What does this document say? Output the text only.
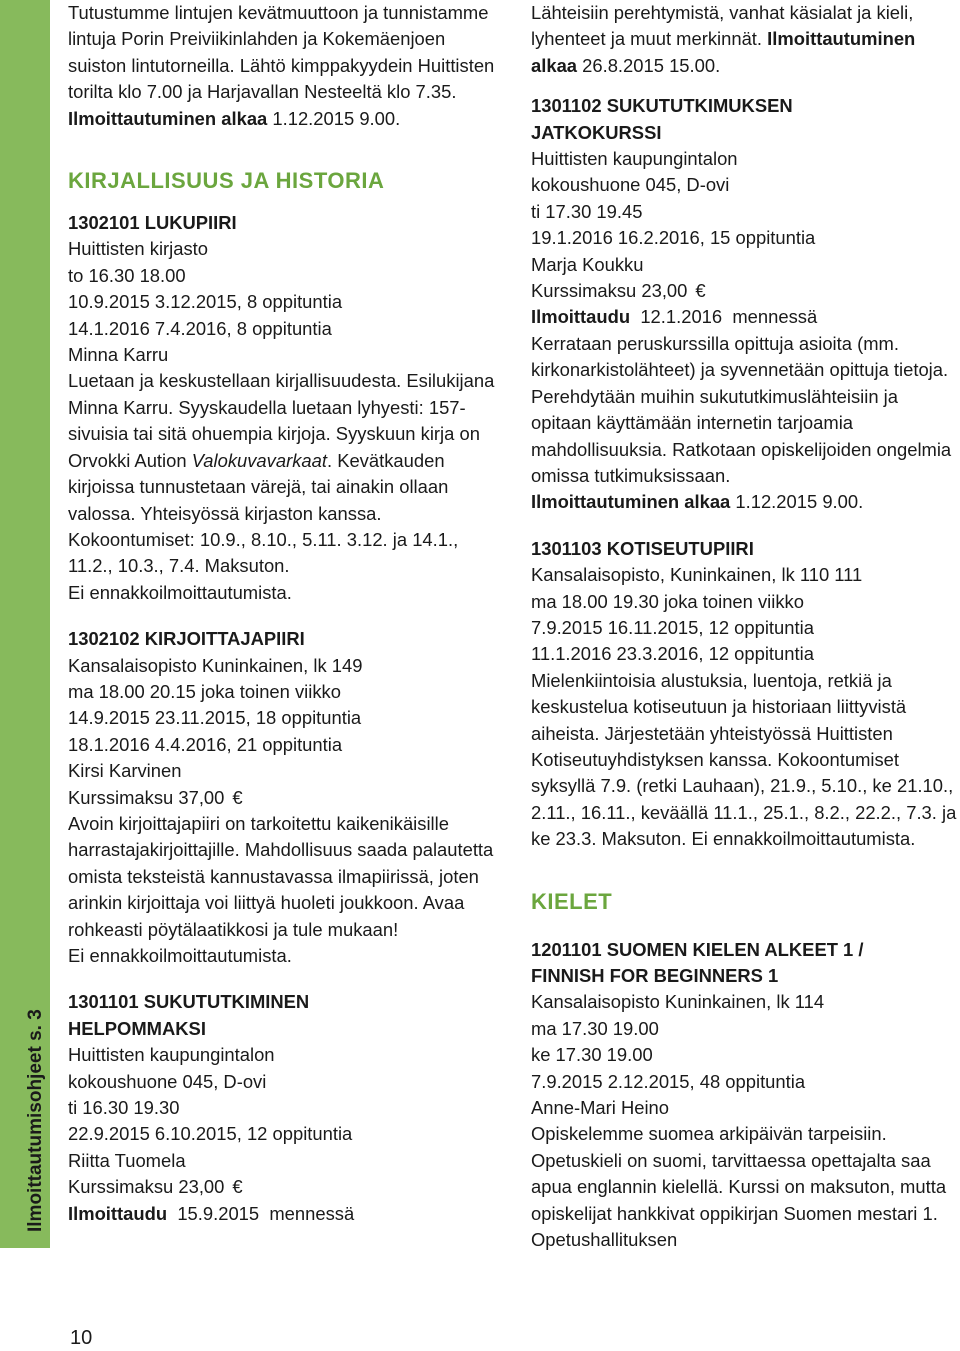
Ilmoittautumisohjeet s. 3
10

Tutustumme lintujen kevätmuuttoon ja tunnistamme lintuja Porin Preiviikinlahden ja Kokemäenjoen suiston lintutorneilla. Lähtö kimppakyydein Huittisten torilta klo 7.00 ja Harjavallan Nesteeltä klo 7.35. Ilmoittautuminen alkaa 1.12.2015 9.00.

KIRJALLISUUS JA HISTORIA

1302101 LUKUPIIRI

Huittisten kirjasto

to 16.30 18.00

10.9.2015 3.12.2015, 8 oppituntia

14.1.2016 7.4.2016, 8 oppituntia

Minna Karru

Luetaan ja keskustellaan kirjallisuudesta. Esilukijana Minna Karru. Syyskaudella luetaan lyhyesti: 157-sivuisia tai sitä ohuempia kirjoja. Syyskuun kirja on Orvokki Aution Valokuvavarkaat. Kevätkauden kirjoissa tunnustetaan värejä, tai ainakin ollaan valossa. Yhteisyössä kirjaston kanssa. Kokoontumiset: 10.9., 8.10., 5.11. 3.12. ja 14.1., 11.2., 10.3., 7.4. Maksuton.

Ei ennakkoilmoittautumista.

1302102 KIRJOITTAJAPIIRI

Kansalaisopisto Kuninkainen, lk 149

ma 18.00 20.15 joka toinen viikko

14.9.2015 23.11.2015, 18 oppituntia

18.1.2016 4.4.2016, 21 oppituntia

Kirsi Karvinen

Kurssimaksu 37,00 €

Avoin kirjoittajapiiri on tarkoitettu kaikenikäisille harrastajakirjoittajille. Mahdollisuus saada palautetta omista teksteistä kannustavassa ilmapiirissä, joten arinkin kirjoittaja voi liittyä huoleti joukkoon. Avaa rohkeasti pöytälaatikkosi ja tule mukaan!

Ei ennakkoilmoittautumista.

1301101 SUKUTUTKIMINEN

HELPOMMAKSI

Huittisten kaupungintalon

kokoushuone 045, D-ovi

ti 16.30 19.30

22.9.2015 6.10.2015, 12 oppituntia

Riitta Tuomela

Kurssimaksu 23,00 €

Ilmoittaudu  15.9.2015  mennessä

Lähteisiin perehtymistä, vanhat käsialat ja kieli, lyhenteet ja muut merkinnät. Ilmoittautuminen alkaa 26.8.2015 15.00.

1301102 SUKUTUTKIMUKSEN

JATKOKURSSI

Huittisten kaupungintalon

kokoushuone 045, D-ovi

ti 17.30 19.45

19.1.2016 16.2.2016, 15 oppituntia

Marja Koukku

Kurssimaksu 23,00 €

Ilmoittaudu  12.1.2016  mennessä

Kerrataan peruskurssilla opittuja asioita (mm. kirkonarkistolähteet) ja syvennetään opittuja tietoja. Perehdytään muihin sukututkimuslähteisiin ja opitaan käyttämään internetin tarjoamia mahdollisuuksia. Ratkotaan opiskelijoiden ongelmia omissa tutkimuksissaan.

Ilmoittautuminen alkaa 1.12.2015 9.00.

1301103 KOTISEUTUPIIRI

Kansalaisopisto, Kuninkainen, lk 110 111

ma 18.00 19.30 joka toinen viikko

7.9.2015 16.11.2015, 12 oppituntia

11.1.2016 23.3.2016, 12 oppituntia

Mielenkiintoisia alustuksia, luentoja, retkiä ja keskustelua kotiseutuun ja historiaan liittyvistä aiheista. Järjestetään yhteistyössä Huittisten Kotiseutuyhdistyksen kanssa. Kokoontumiset syksyllä 7.9. (retki Lauhaan), 21.9., 5.10., ke 21.10., 2.11., 16.11., keväällä 11.1., 25.1., 8.2., 22.2., 7.3. ja ke 23.3. Maksuton. Ei ennakkoilmoittautumista.

KIELET

1201101 SUOMEN KIELEN ALKEET 1 /

FINNISH FOR BEGINNERS 1

Kansalaisopisto Kuninkainen, lk 114

ma 17.30 19.00

ke 17.30 19.00

7.9.2015 2.12.2015, 48 oppituntia

Anne-Mari Heino

Opiskelemme suomea arkipäivän tarpeisiin. Opetuskieli on suomi, tarvittaessa opettajalta saa apua englannin kielellä. Kurssi on maksuton, mutta opiskelijat hankkivat oppikirjan Suomen mestari 1. Opetushallituksen
